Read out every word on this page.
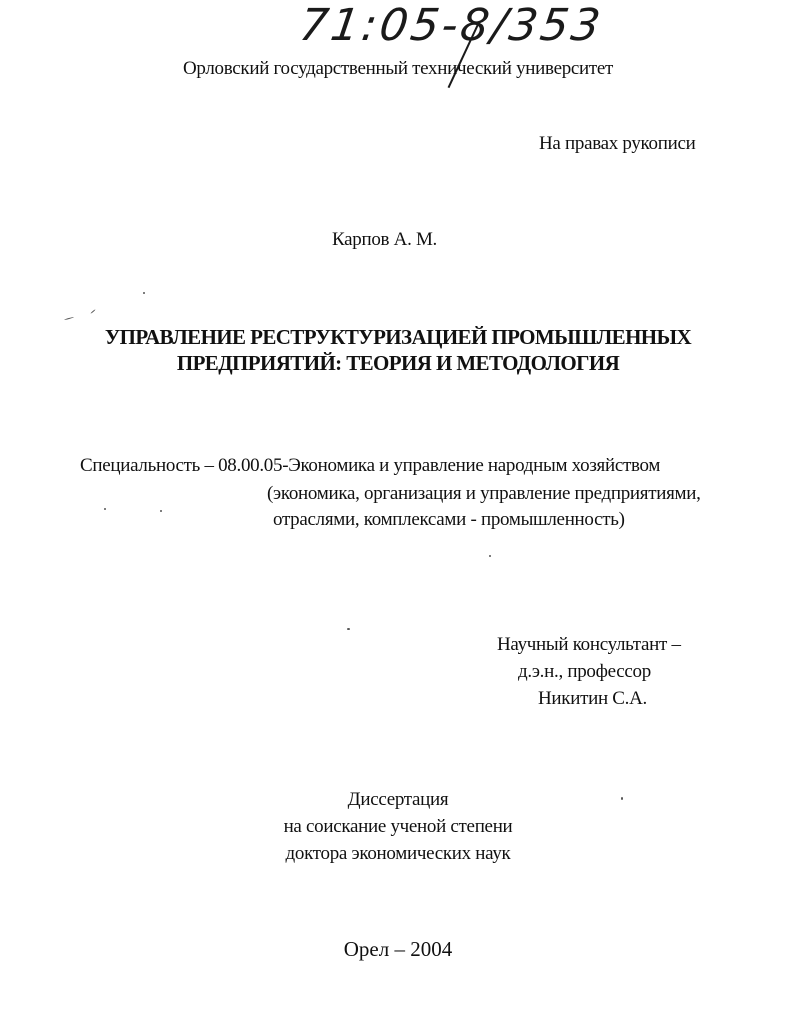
71:05-8/353
Орловский государственный технический университет
На правах рукописи
Карпов А. М.
УПРАВЛЕНИЕ РЕСТРУКТУРИЗАЦИЕЙ ПРОМЫШЛЕННЫХ
ПРЕДПРИЯТИЙ: ТЕОРИЯ И МЕТОДОЛОГИЯ
Специальность – 08.00.05-Экономика и управление народным хозяйством
(экономика, организация и управление предприятиями,
отраслями, комплексами - промышленность)
Научный консультант –
д.э.н., профессор
Никитин С.А.
Диссертация
на соискание ученой степени
доктора экономических наук
Орел – 2004
